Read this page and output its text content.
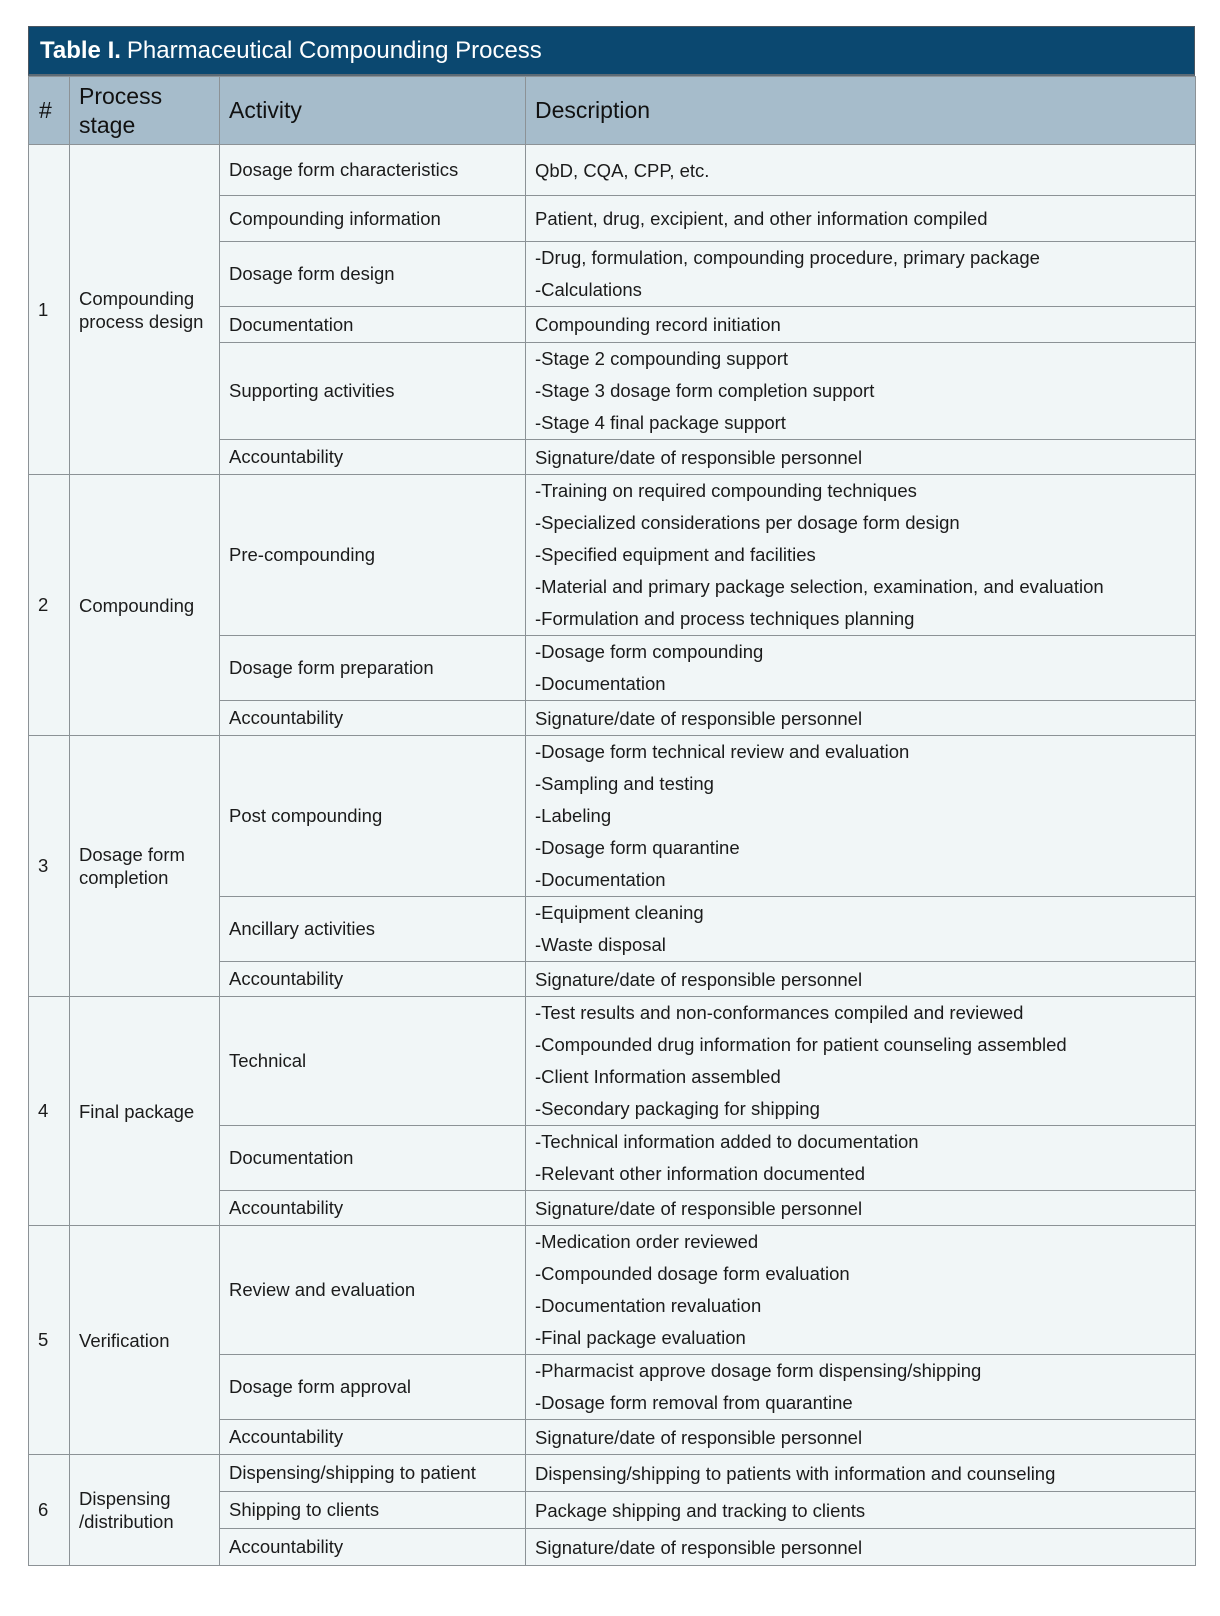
Table I. Pharmaceutical Compounding Process
#	Process stage	Activity	Description
1	Compounding process design	Dosage form characteristics	QbD, CQA, CPP, etc.

		Compounding information	Patient, drug, excipient, and other information compiled

		Dosage form design	-Drug, formulation, compounding procedure, primary package
-Calculations

		Documentation	Compounding record initiation

		Supporting activities	-Stage 2 compounding support
-Stage 3 dosage form completion support
-Stage 4 final package support

		Accountability	Signature/date of responsible personnel

2	Compounding	Pre-compounding	-Training on required compounding techniques
-Specialized considerations per dosage form design
-Specified equipment and facilities
-Material and primary package selection, examination, and evaluation
-Formulation and process techniques planning

		Dosage form preparation	-Dosage form compounding
-Documentation

		Accountability	Signature/date of responsible personnel

3	Dosage form completion	Post compounding	-Dosage form technical review and evaluation
-Sampling and testing
-Labeling
-Dosage form quarantine
-Documentation

		Ancillary activities	-Equipment cleaning
-Waste disposal

		Accountability	Signature/date of responsible personnel

4	Final package	Technical	-Test results and non-conformances compiled and reviewed
-Compounded drug information for patient counseling assembled
-Client Information assembled
-Secondary packaging for shipping

		Documentation	-Technical information added to documentation
-Relevant other information documented

		Accountability	Signature/date of responsible personnel

5	Verification	Review and evaluation	-Medication order reviewed
-Compounded dosage form evaluation
-Documentation revaluation
-Final package evaluation

		Dosage form approval	-Pharmacist approve dosage form dispensing/shipping
-Dosage form removal from quarantine

		Accountability	Signature/date of responsible personnel

6	Dispensing /distribution	Dispensing/shipping to patient	Dispensing/shipping to patients with information and counseling

		Shipping to clients	Package shipping and tracking to clients

		Accountability	Signature/date of responsible personnel
